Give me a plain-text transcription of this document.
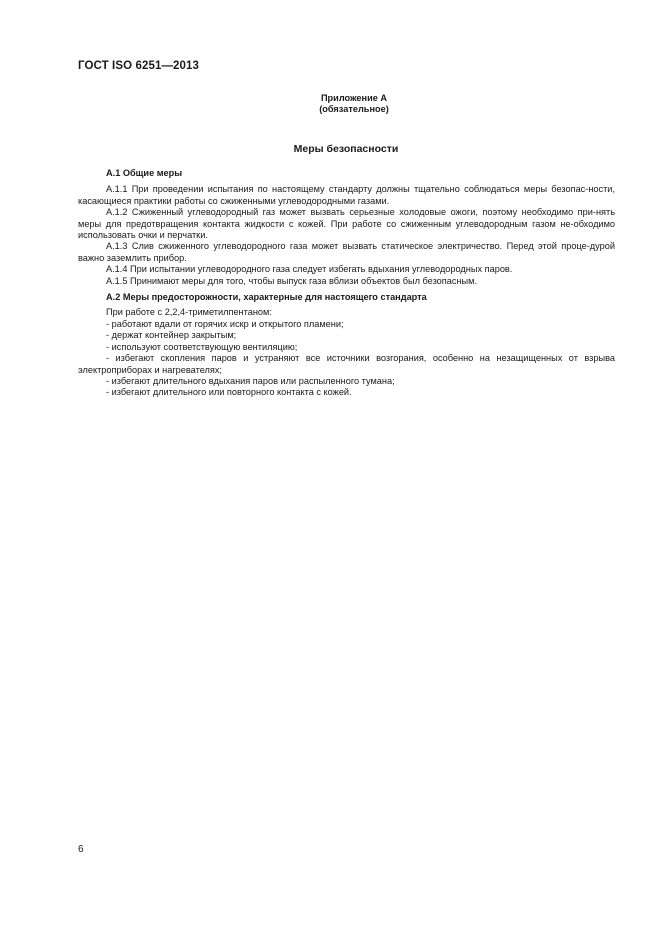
ГОСТ ISO 6251—2013
Приложение А
(обязательное)
Меры безопасности

А.1 Общие меры

А.1.1 При проведении испытания по настоящему стандарту должны тщательно соблюдаться меры безопас-ности, касающиеся практики работы со сжиженными углеводородными газами.

А.1.2 Сжиженный углеводородный газ может вызвать серьезные холодовые ожоги, поэтому необходимо при-нять меры для предотвращения контакта жидкости с кожей. При работе со сжиженным углеводородным газом не-обходимо использовать очки и перчатки.

А.1.3 Слив сжиженного углеводородного газа может вызвать статическое электричество. Перед этой проце-дурой важно заземлить прибор.

А.1.4 При испытании углеводородного газа следует избегать вдыхания углеводородных паров.

А.1.5 Принимают меры для того, чтобы выпуск газа вблизи объектов был безопасным.

А.2 Меры предосторожности, характерные для настоящего стандарта

При работе с 2,2,4-триметилпентаном:

- работают вдали от горячих искр и открытого пламени;

- держат контейнер закрытым;

- используют соответствующую вентиляцию;

- избегают скопления паров и устраняют все источники возгорания, особенно на незащищенных от взрыва электроприборах и нагревателях;

- избегают длительного вдыхания паров или распыленного тумана;

- избегают длительного или повторного контакта с кожей.

6
